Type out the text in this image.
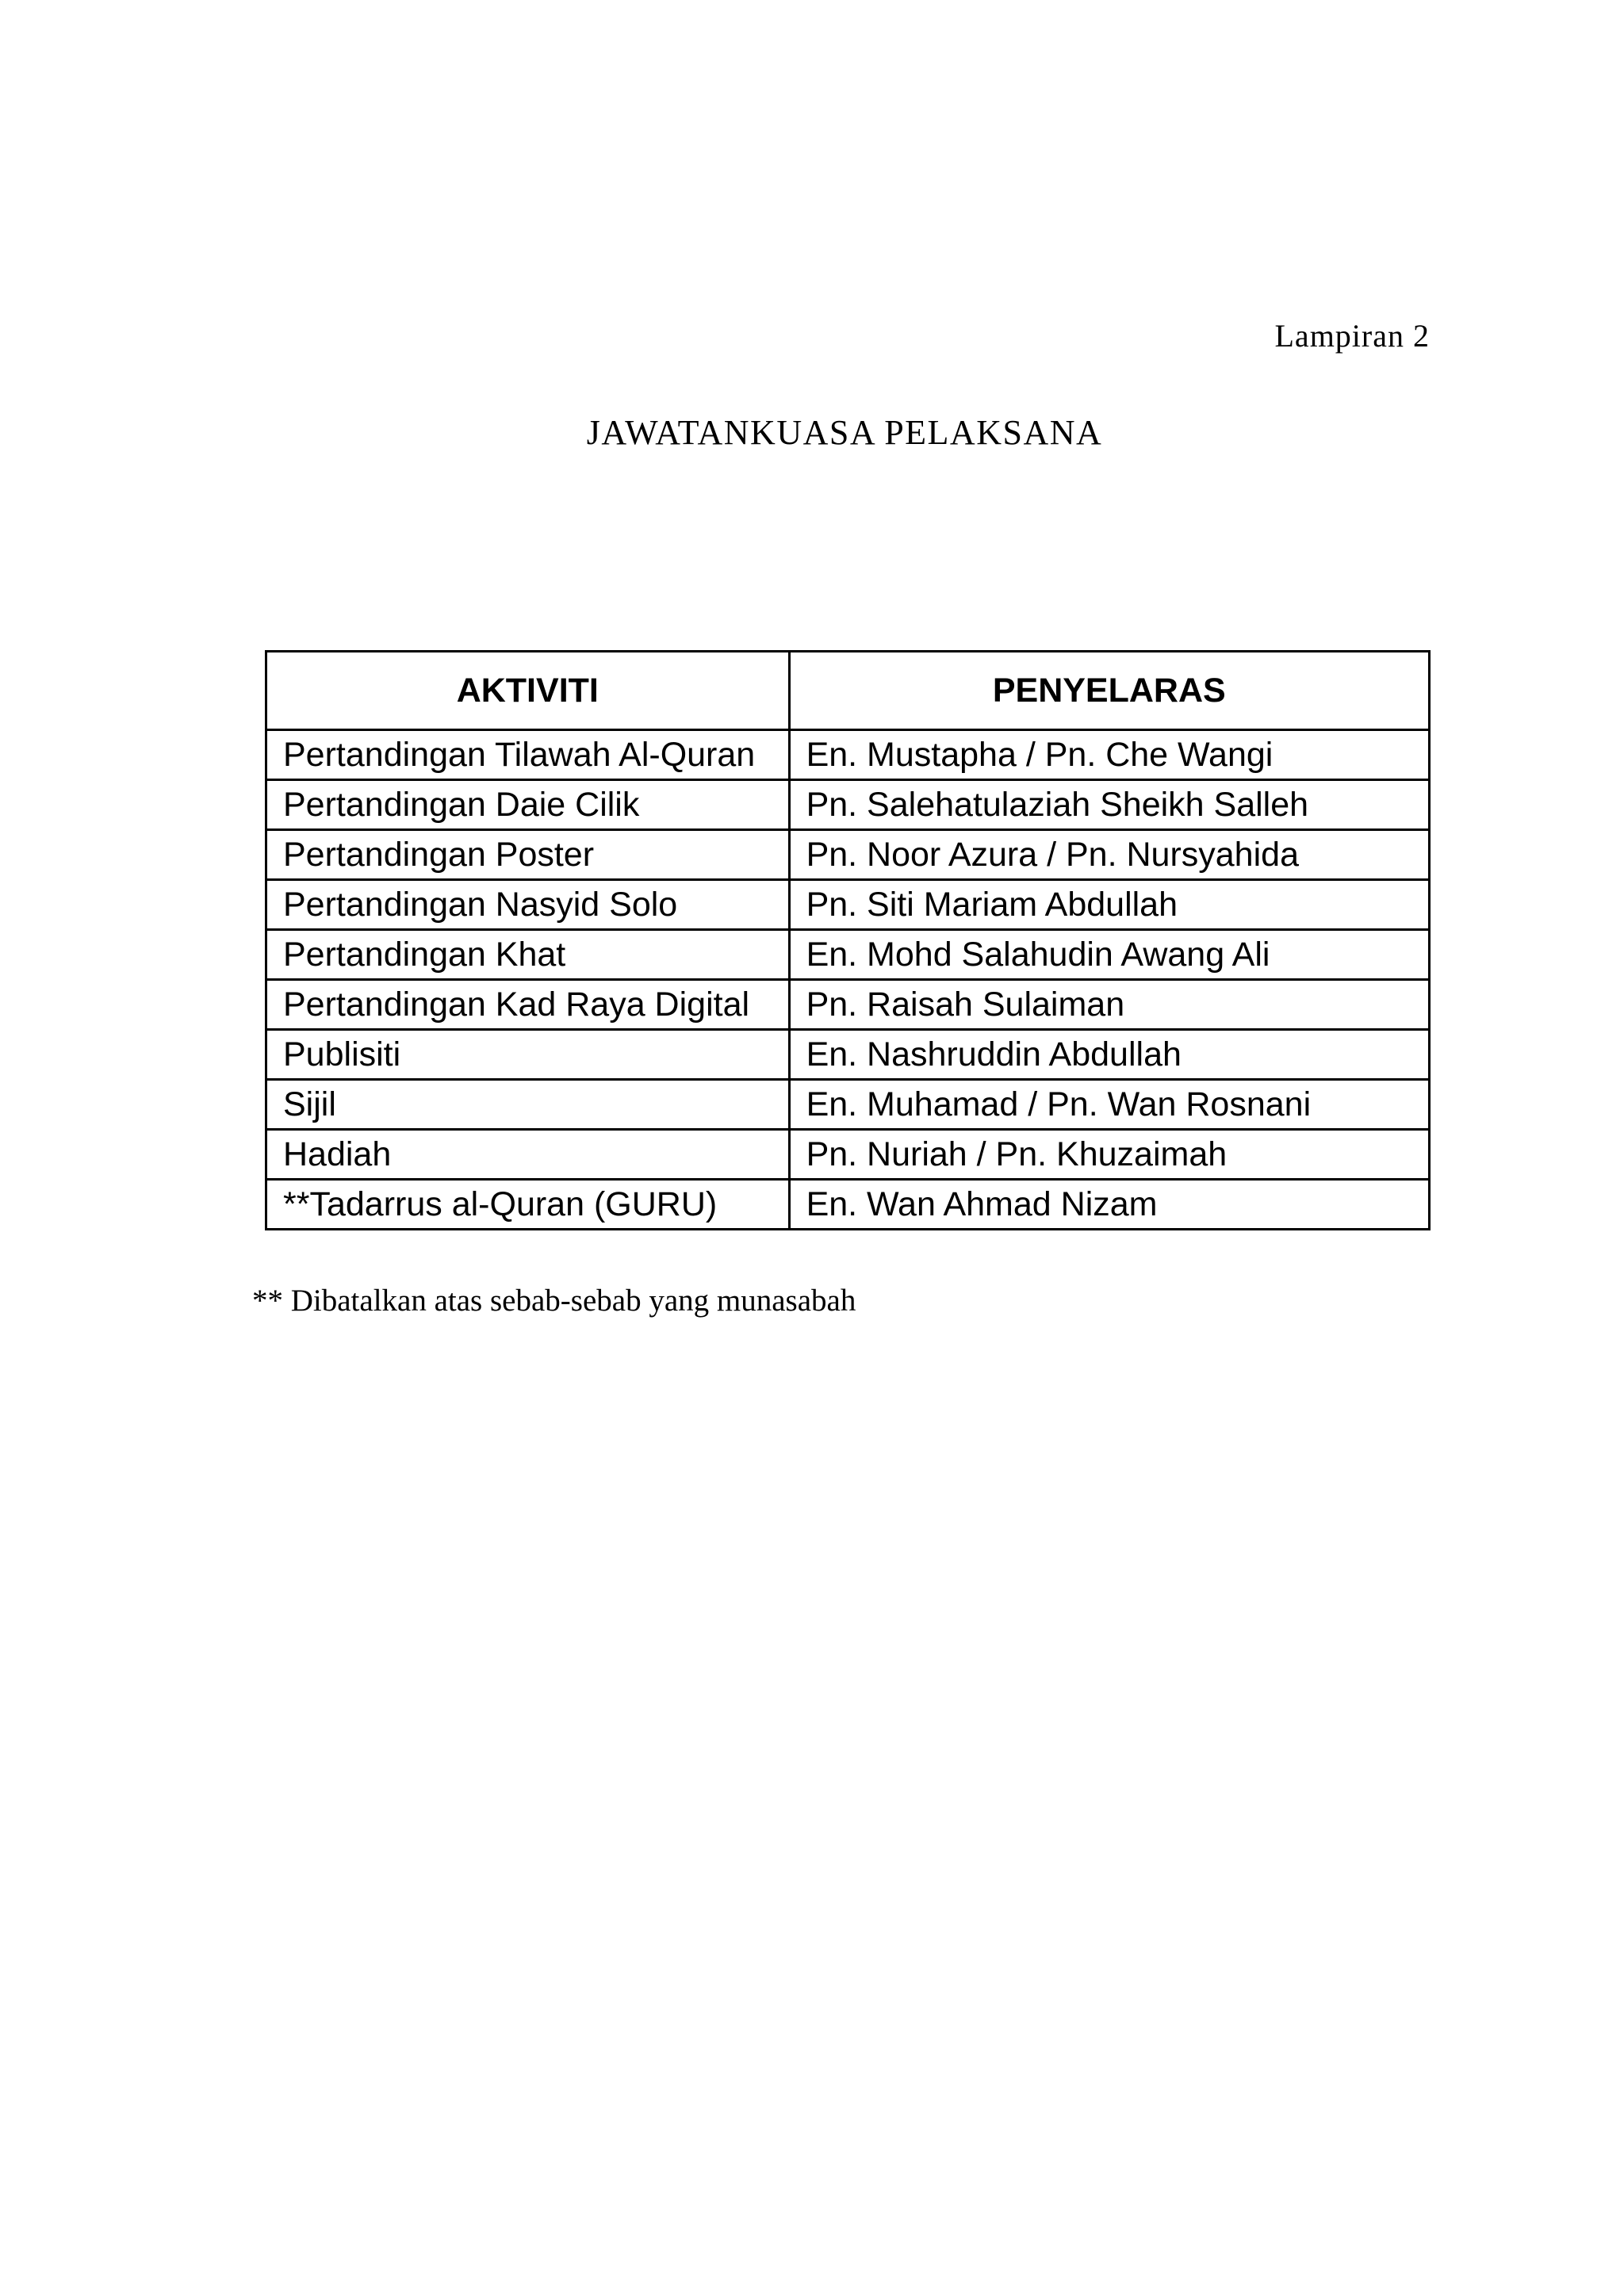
Lampiran 2

JAWATANKUASA PELAKSANA
AKTIVITI	PENYELARAS
Pertandingan Tilawah Al-Quran	En. Mustapha / Pn. Che Wangi
Pertandingan Daie Cilik	Pn. Salehatulaziah Sheikh Salleh
Pertandingan Poster	Pn. Noor Azura / Pn. Nursyahida
Pertandingan Nasyid Solo	Pn. Siti Mariam Abdullah
Pertandingan Khat	En. Mohd Salahudin Awang Ali
Pertandingan Kad Raya Digital	Pn. Raisah Sulaiman
Publisiti	En. Nashruddin Abdullah
Sijil	En. Muhamad / Pn. Wan Rosnani
Hadiah	Pn. Nuriah / Pn. Khuzaimah
**Tadarrus al-Quran (GURU)	En. Wan Ahmad Nizam

** Dibatalkan atas sebab-sebab yang munasabah
